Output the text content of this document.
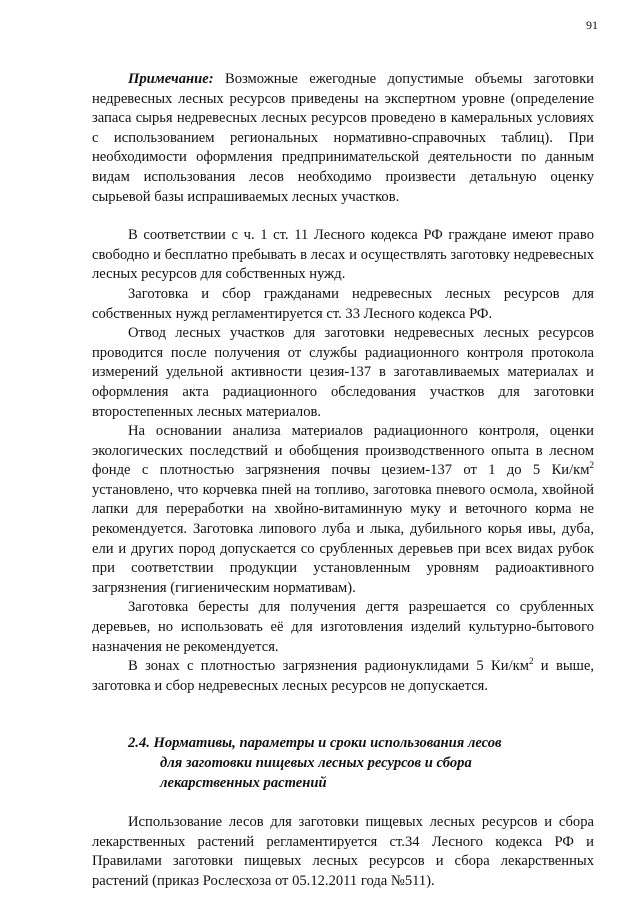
91

Примечание: Возможные ежегодные допустимые объемы заготовки недревесных лесных ресурсов приведены на экспертном уровне (определение запаса сырья недревесных лесных ресурсов проведено в камеральных условиях с использованием региональных нормативно-справочных таблиц). При необходимости оформления предпринимательской деятельности по данным видам использования лесов необходимо произвести детальную оценку сырьевой базы испрашиваемых лесных участков.

В соответствии с ч. 1 ст. 11 Лесного кодекса РФ граждане имеют право свободно и бесплатно пребывать в лесах и осуществлять заготовку недревесных лесных ресурсов для собственных нужд.

Заготовка и сбор гражданами недревесных лесных ресурсов для собственных нужд регламентируется ст. 33 Лесного кодекса РФ.

Отвод лесных участков для заготовки недревесных лесных ресурсов проводится после получения от службы радиационного контроля протокола измерений удельной активности цезия-137 в заготавливаемых материалах и оформления акта радиационного обследования участков для заготовки второстепенных лесных материалов.

На основании анализа материалов радиационного контроля, оценки экологических последствий и обобщения производственного опыта в лесном фонде с плотностью загрязнения почвы цезием-137 от 1 до 5 $Ки/км^2$ установлено, что корчевка пней на топливо, заготовка пневого осмола, хвойной лапки для переработки на хвойно-витаминную муку и веточного корма не рекомендуется. Заготовка липового луба и лыка, дубильного корья ивы, дуба, ели и других пород допускается со срубленных деревьев при всех видах рубок при соответствии продукции установленным уровням радиоактивного загрязнения (гигиеническим нормативам).

Заготовка бересты для получения дегтя разрешается со срубленных деревьев, но использовать её для изготовления изделий культурно-бытового назначения не рекомендуется.

В зонах с плотностью загрязнения радионуклидами 5 $Ки/км^2$ и выше, заготовка и сбор недревесных лесных ресурсов не допускается.

2.4. Нормативы, параметры и сроки использования лесов
для заготовки пищевых лесных ресурсов и сбора
лекарственных растений

Использование лесов для заготовки пищевых лесных ресурсов и сбора лекарственных растений регламентируется ст.34 Лесного кодекса РФ и Правилами заготовки пищевых лесных ресурсов и сбора лекарственных растений (приказ Рослесхоза от 05.12.2011 года №511).
